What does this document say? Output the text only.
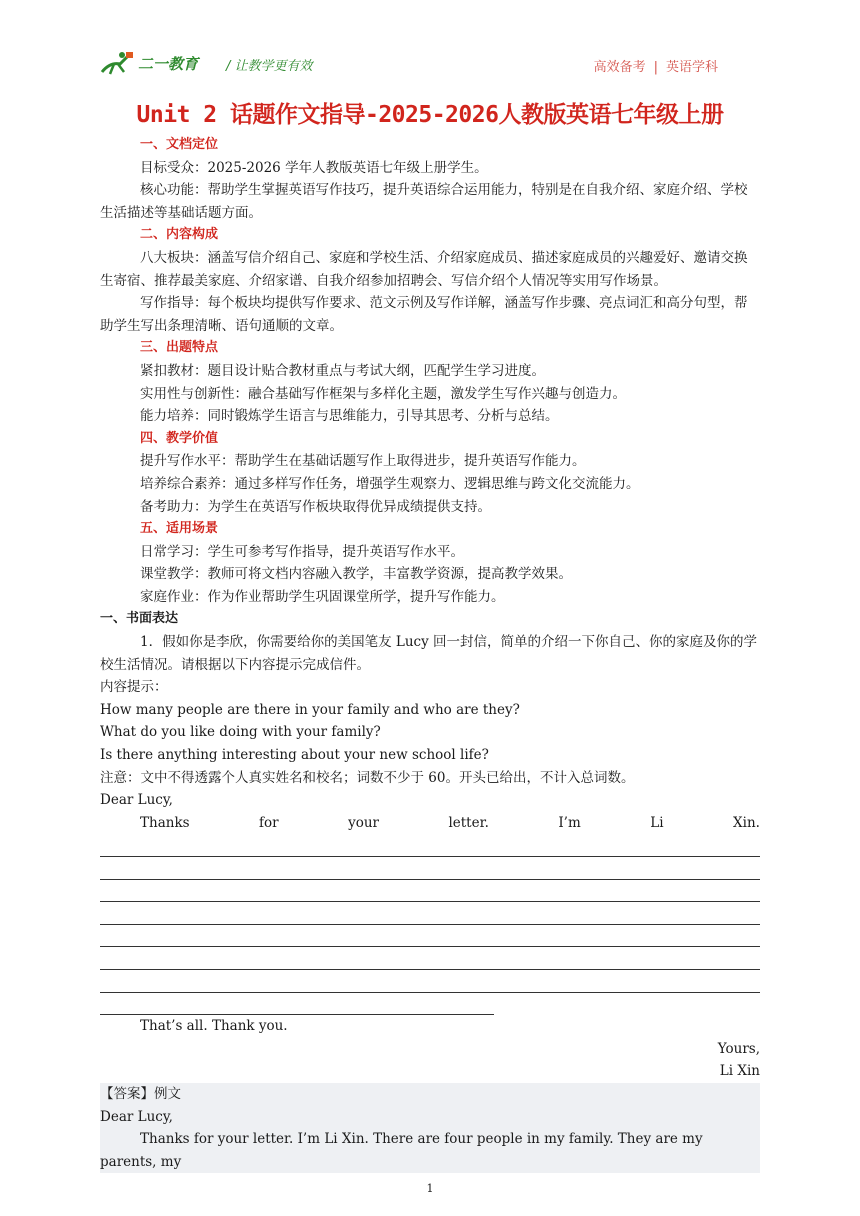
二一教育 / 让教学更有效	高效备考 | 英语学科
Unit 2 话题作文指导-2025-2026人教版英语七年级上册

一、文档定位

目标受众：2025-2026 学年人教版英语七年级上册学生。

核心功能：帮助学生掌握英语写作技巧，提升英语综合运用能力，特别是在自我介绍、家庭介绍、学校生活描述等基础话题方面。

二、内容构成

八大板块：涵盖写信介绍自己、家庭和学校生活、介绍家庭成员、描述家庭成员的兴趣爱好、邀请交换生寄宿、推荐最美家庭、介绍家谱、自我介绍参加招聘会、写信介绍个人情况等实用写作场景。

写作指导：每个板块均提供写作要求、范文示例及写作详解，涵盖写作步骤、亮点词汇和高分句型，帮助学生写出条理清晰、语句通顺的文章。

三、出题特点

紧扣教材：题目设计贴合教材重点与考试大纲，匹配学生学习进度。

实用性与创新性：融合基础写作框架与多样化主题，激发学生写作兴趣与创造力。

能力培养：同时锻炼学生语言与思维能力，引导其思考、分析与总结。

四、教学价值

提升写作水平：帮助学生在基础话题写作上取得进步，提升英语写作能力。

培养综合素养：通过多样写作任务，增强学生观察力、逻辑思维与跨文化交流能力。

备考助力：为学生在英语写作板块取得优异成绩提供支持。

五、适用场景

日常学习：学生可参考写作指导，提升英语写作水平。

课堂教学：教师可将文档内容融入教学，丰富教学资源，提高教学效果。

家庭作业：作为作业帮助学生巩固课堂所学，提升写作能力。

一、书面表达

1．假如你是李欣，你需要给你的美国笔友 Lucy 回一封信，简单的介绍一下你自己、你的家庭及你的学校生活情况。请根据以下内容提示完成信件。

内容提示：

How many people are there in your family and who are they?

What do you like doing with your family?

Is there anything interesting about your new school life?

注意：文中不得透露个人真实姓名和校名；词数不少于 60。开头已给出，不计入总词数。

Dear Lucy,

Thanks	for	your	letter.	I’m	Li	Xin.

That’s all. Thank you.

Yours,

Li Xin

【答案】例文

Dear Lucy,

Thanks for your letter. I’m Li Xin. There are four people in my family. They are my parents, my

1
